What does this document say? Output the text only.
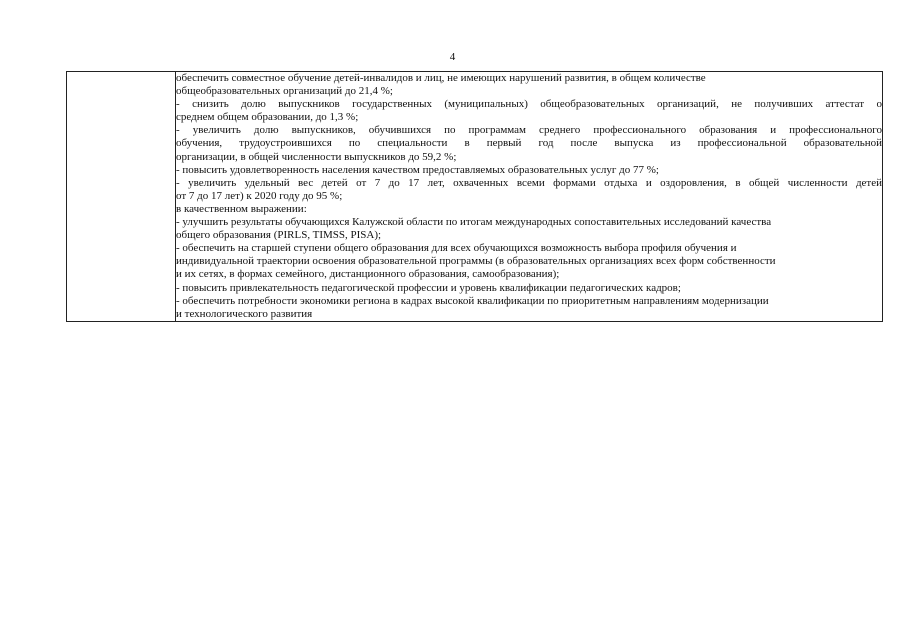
4

обеспечить совместное обучение детей-инвалидов и лиц, не имеющих нарушений развития, в общем количестве
общеобразовательных организаций до 21,4 %;
- снизить долю выпускников государственных (муниципальных) общеобразовательных организаций, не получивших аттестат о
среднем общем образовании, до 1,3 %;
- увеличить долю выпускников, обучившихся по программам среднего профессионального образования и профессионального
обучения, трудоустроившихся по специальности в первый год после выпуска из профессиональной образовательной
организации, в общей численности выпускников до 59,2 %;
- повысить удовлетворенность населения качеством предоставляемых образовательных услуг до 77 %;
- увеличить удельный вес детей от 7 до 17 лет, охваченных всеми формами отдыха и оздоровления, в общей численности детей
от 7 до 17 лет) к 2020 году до 95 %;
в качественном выражении:
- улучшить результаты обучающихся Калужской области по итогам международных сопоставительных исследований качества
общего образования (PIRLS, TIMSS, PISA);
- обеспечить на старшей ступени общего образования для всех обучающихся возможность выбора профиля обучения и
индивидуальной траектории освоения образовательной программы (в образовательных организациях всех форм собственности
и их сетях, в формах семейного, дистанционного образования, самообразования);
- повысить привлекательность педагогической профессии и уровень квалификации педагогических кадров;
- обеспечить потребности экономики региона в кадрах высокой квалификации по приоритетным направлениям модернизации
и технологического развития
